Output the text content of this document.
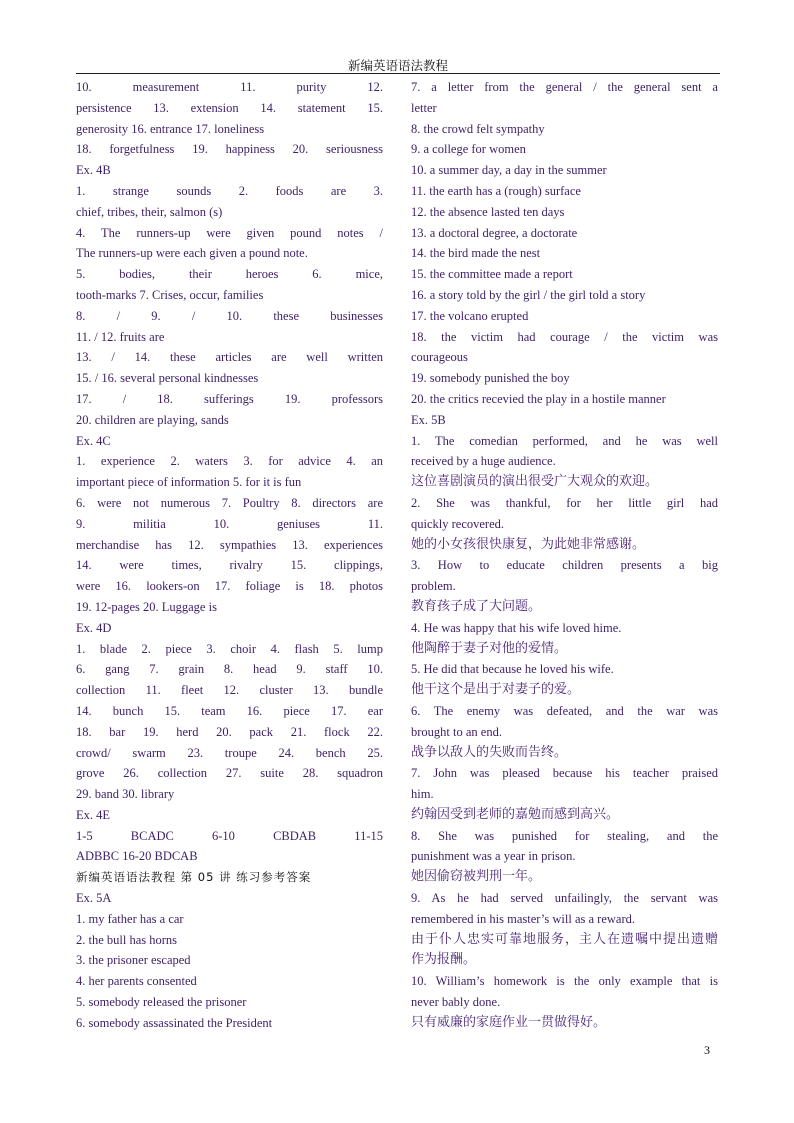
新编英语语法教程
10. measurement 11. purity 12.
persistence 13. extension 14. statement 15.
generosity 16. entrance 17. loneliness
18. forgetfulness 19. happiness 20. seriousness
Ex. 4B
1. strange sounds 2. foods are 3.
chief, tribes, their, salmon (s)
4. The runners-up were given pound notes /
The runners-up were each given a pound note.
5. bodies, their heroes 6. mice,
tooth-marks 7. Crises, occur, families
8. / 9. / 10. these businesses
11. / 12. fruits are
13. / 14. these articles are well written
15. / 16. several personal kindnesses
17. / 18. sufferings 19. professors
20. children are playing, sands
Ex. 4C
1. experience 2. waters 3. for advice 4. an
important piece of information 5. for it is fun
6. were not numerous 7. Poultry 8. directors are
9. militia 10. geniuses 11.
merchandise has 12. sympathies 13. experiences
14. were times, rivalry 15. clippings,
were 16. lookers-on 17. foliage is 18. photos
19. 12-pages 20. Luggage is
Ex. 4D
1. blade 2. piece 3. choir 4. flash 5. lump
6. gang 7. grain 8. head 9. staff 10.
collection 11. fleet 12. cluster 13. bundle
14. bunch 15. team 16. piece 17. ear
18. bar 19. herd 20. pack 21. flock 22.
crowd/ swarm 23. troupe 24. bench 25.
grove 26. collection 27. suite 28. squadron
29. band 30. library
Ex. 4E
1-5 BCADC 6-10 CBDAB 11-15
ADBBC 16-20 BDCAB
新编英语语法教程 第 05 讲 练习参考答案
Ex. 5A
1. my father has a car
2. the bull has horns
3. the prisoner escaped
4. her parents consented
5. somebody released the prisoner
6. somebody assassinated the President
7. a letter from the general / the general sent a
letter
8. the crowd felt sympathy
9. a college for women
10. a summer day, a day in the summer
11. the earth has a (rough) surface
12. the absence lasted ten days
13. a doctoral degree, a doctorate
14. the bird made the nest
15. the committee made a report
16. a story told by the girl / the girl told a story
17. the volcano erupted
18. the victim had courage / the victim was
courageous
19. somebody punished the boy
20. the critics recevied the play in a hostile manner
Ex. 5B
1. The comedian performed, and he was well
received by a huge audience.
这位喜剧演员的演出很受广大观众的欢迎。
2. She was thankful, for her little girl had
quickly recovered.
她的小女孩很快康复，为此她非常感谢。
3. How to educate children presents a big
problem.
教育孩子成了大问题。
4. He was happy that his wife loved hime.
他陶醉于妻子对他的爱情。
5. He did that because he loved his wife.
他干这个是出于对妻子的爱。
6. The enemy was defeated, and the war was
brought to an end.
战争以敌人的失败而告终。
7. John was pleased because his teacher praised
him.
约翰因受到老师的嘉勉而感到高兴。
8. She was punished for stealing, and the
punishment was a year in prison.
她因偷窃被判刑一年。
9. As he had served unfailingly, the servant was
remembered in his master’s will as a reward.
由于仆人忠实可靠地服务，主人在遗嘱中提出遗赠
作为报酬。
10. William’s homework is the only example that is
never bably done.
只有威廉的家庭作业一贯做得好。
3
